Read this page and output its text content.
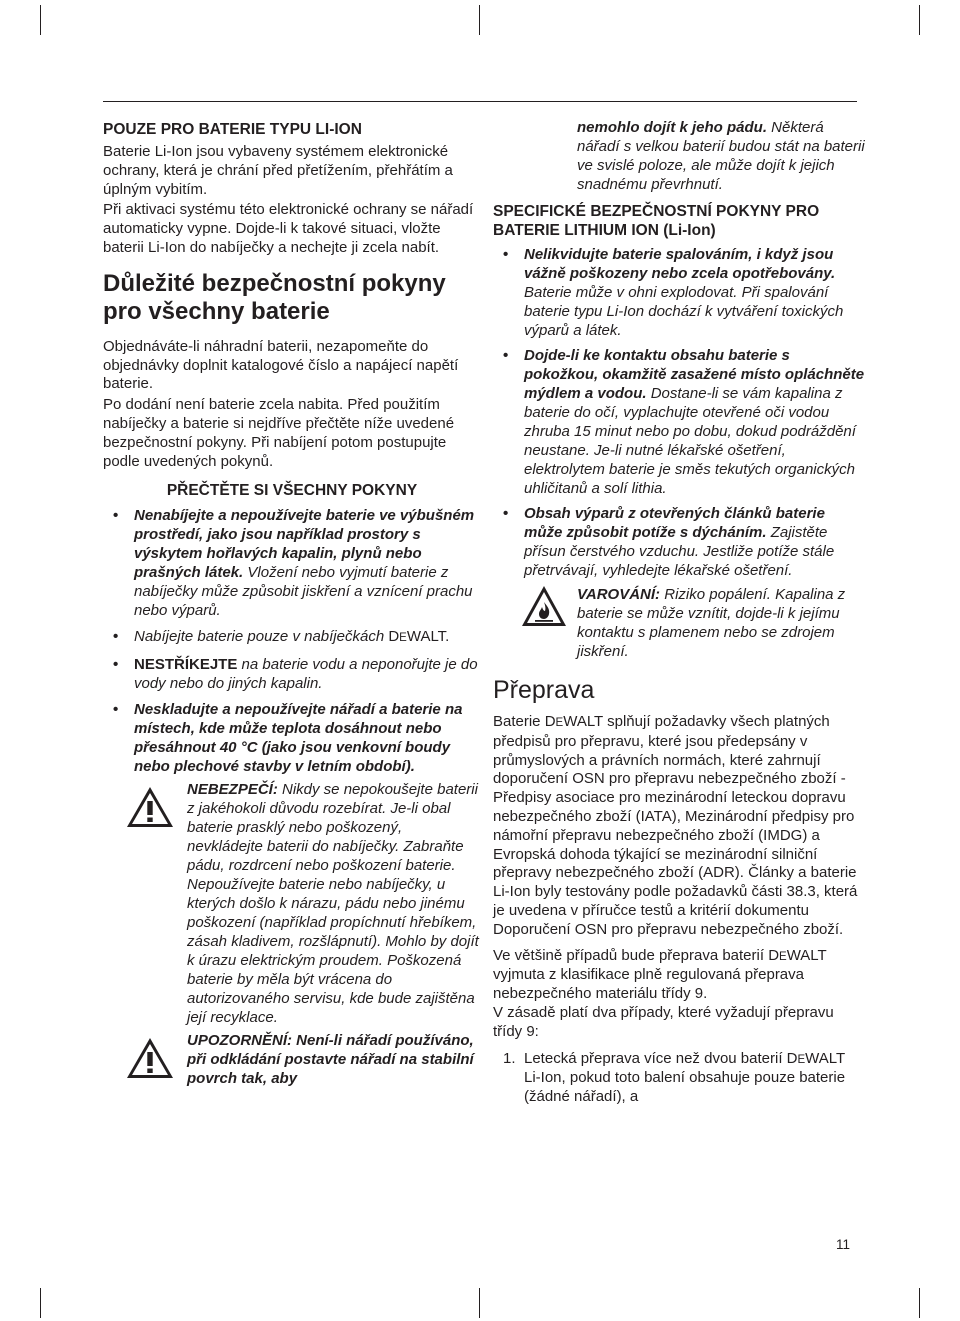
POUZE PRO BATERIE TYPU LI-ION

Baterie Li-Ion jsou vybaveny systémem elektronické ochrany, která je chrání před přetížením, přehřátím a úplným vybitím.

Při aktivaci systému této elektronické ochrany se nářadí automaticky vypne. Dojde-li k takové situaci, vložte baterii Li-Ion do nabíječky a nechejte ji zcela nabít.

Důležité bezpečnostní pokyny pro všechny baterie

Objednáváte-li náhradní baterii, nezapomeňte do objednávky doplnit katalogové číslo a napájecí napětí baterie.

Po dodání není baterie zcela nabita. Před použitím nabíječky a baterie si nejdříve přečtěte níže uvedené bezpečnostní pokyny. Při nabíjení potom postupujte podle uvedených pokynů.

PŘEČTĚTE SI VŠECHNY POKYNY

• Nenabíjejte a nepoužívejte baterie ve výbušném prostředí, jako jsou například prostory s výskytem hořlavých kapalin, plynů nebo prašných látek. Vložení nebo vyjmutí baterie z nabíječky může způsobit jiskření a vznícení prachu nebo výparů.
• Nabíjejte baterie pouze v nabíječkách DEWALT.
• NESTŘÍKEJTE na baterie vodu a neponořujte je do vody nebo do jiných kapalin.
• Neskladujte a nepoužívejte nářadí a baterie na místech, kde může teplota dosáhnout nebo přesáhnout 40 °C (jako jsou venkovní boudy nebo plechové stavby v letním období).
NEBEZPEČÍ: Nikdy se nepokoušejte baterii z jakéhokoli důvodu rozebírat. Je-li obal baterie prasklý nebo poškozený, nevkládejte baterii do nabíječky. Zabraňte pádu, rozdrcení nebo poškození baterie. Nepoužívejte baterie nebo nabíječky, u kterých došlo k nárazu, pádu nebo jinému poškození (například propíchnutí hřebíkem, zásah kladivem, rozšlápnutí). Mohlo by dojít k úrazu elektrickým proudem. Poškozená baterie by měla být vrácena do autorizovaného servisu, kde bude zajištěna její recyklace.
UPOZORNĚNÍ: Není-li nářadí používáno, při odkládání postavte nářadí na stabilní povrch tak, aby
nemohlo dojít k jeho pádu. Některá nářadí s velkou baterií budou stát na baterii ve svislé poloze, ale může dojít k jejich snadnému převrhnutí.

SPECIFICKÉ BEZPEČNOSTNÍ POKYNY PRO BATERIE LITHIUM ION (Li-Ion)

• Nelikvidujte baterie spalováním, i když jsou vážně poškozeny nebo zcela opotřebovány. Baterie může v ohni explodovat. Při spalování baterie typu Li-Ion dochází k vytváření toxických výparů a látek.
• Dojde-li ke kontaktu obsahu baterie s pokožkou, okamžitě zasažené místo opláchněte mýdlem a vodou. Dostane-li se vám kapalina z baterie do očí, vyplachujte otevřené oči vodou zhruba 15 minut nebo po dobu, dokud podráždění neustane. Je-li nutné lékařské ošetření, elektrolytem baterie je směs tekutých organických uhličitanů a solí lithia.
• Obsah výparů z otevřených článků baterie může způsobit potíže s dýcháním. Zajistěte přísun čerstvého vzduchu. Jestliže potíže stále přetrvávají, vyhledejte lékařské ošetření.
VAROVÁNÍ: Riziko popálení. Kapalina z baterie se může vznítit, dojde-li k jejímu kontaktu s plamenem nebo se zdrojem jiskření.

Přeprava

Baterie DEWALT splňují požadavky všech platných předpisů pro přepravu, které jsou předepsány v průmyslových a právních normách, které zahrnují doporučení OSN pro přepravu nebezpečného zboží - Předpisy asociace pro mezinárodní leteckou dopravu nebezpečného zboží (IATA), Mezinárodní předpisy pro námořní přepravu nebezpečného zboží (IMDG) a Evropská dohoda týkající se mezinárodní silniční přepravy nebezpečného zboží (ADR). Články a baterie Li-Ion byly testovány podle požadavků části 38.3, která je uvedena v příručce testů a kritérií dokumentu Doporučení OSN pro přepravu nebezpečného zboží.

Ve většině případů bude přeprava baterií DEWALT vyjmuta z klasifikace plně regulovaná přeprava nebezpečného materiálu třídy 9.

V zásadě platí dva případy, které vyžadují přepravu třídy 9:

1. Letecká přeprava více než dvou baterií DEWALT Li-Ion, pokud toto balení obsahuje pouze baterie (žádné nářadí), a
11
